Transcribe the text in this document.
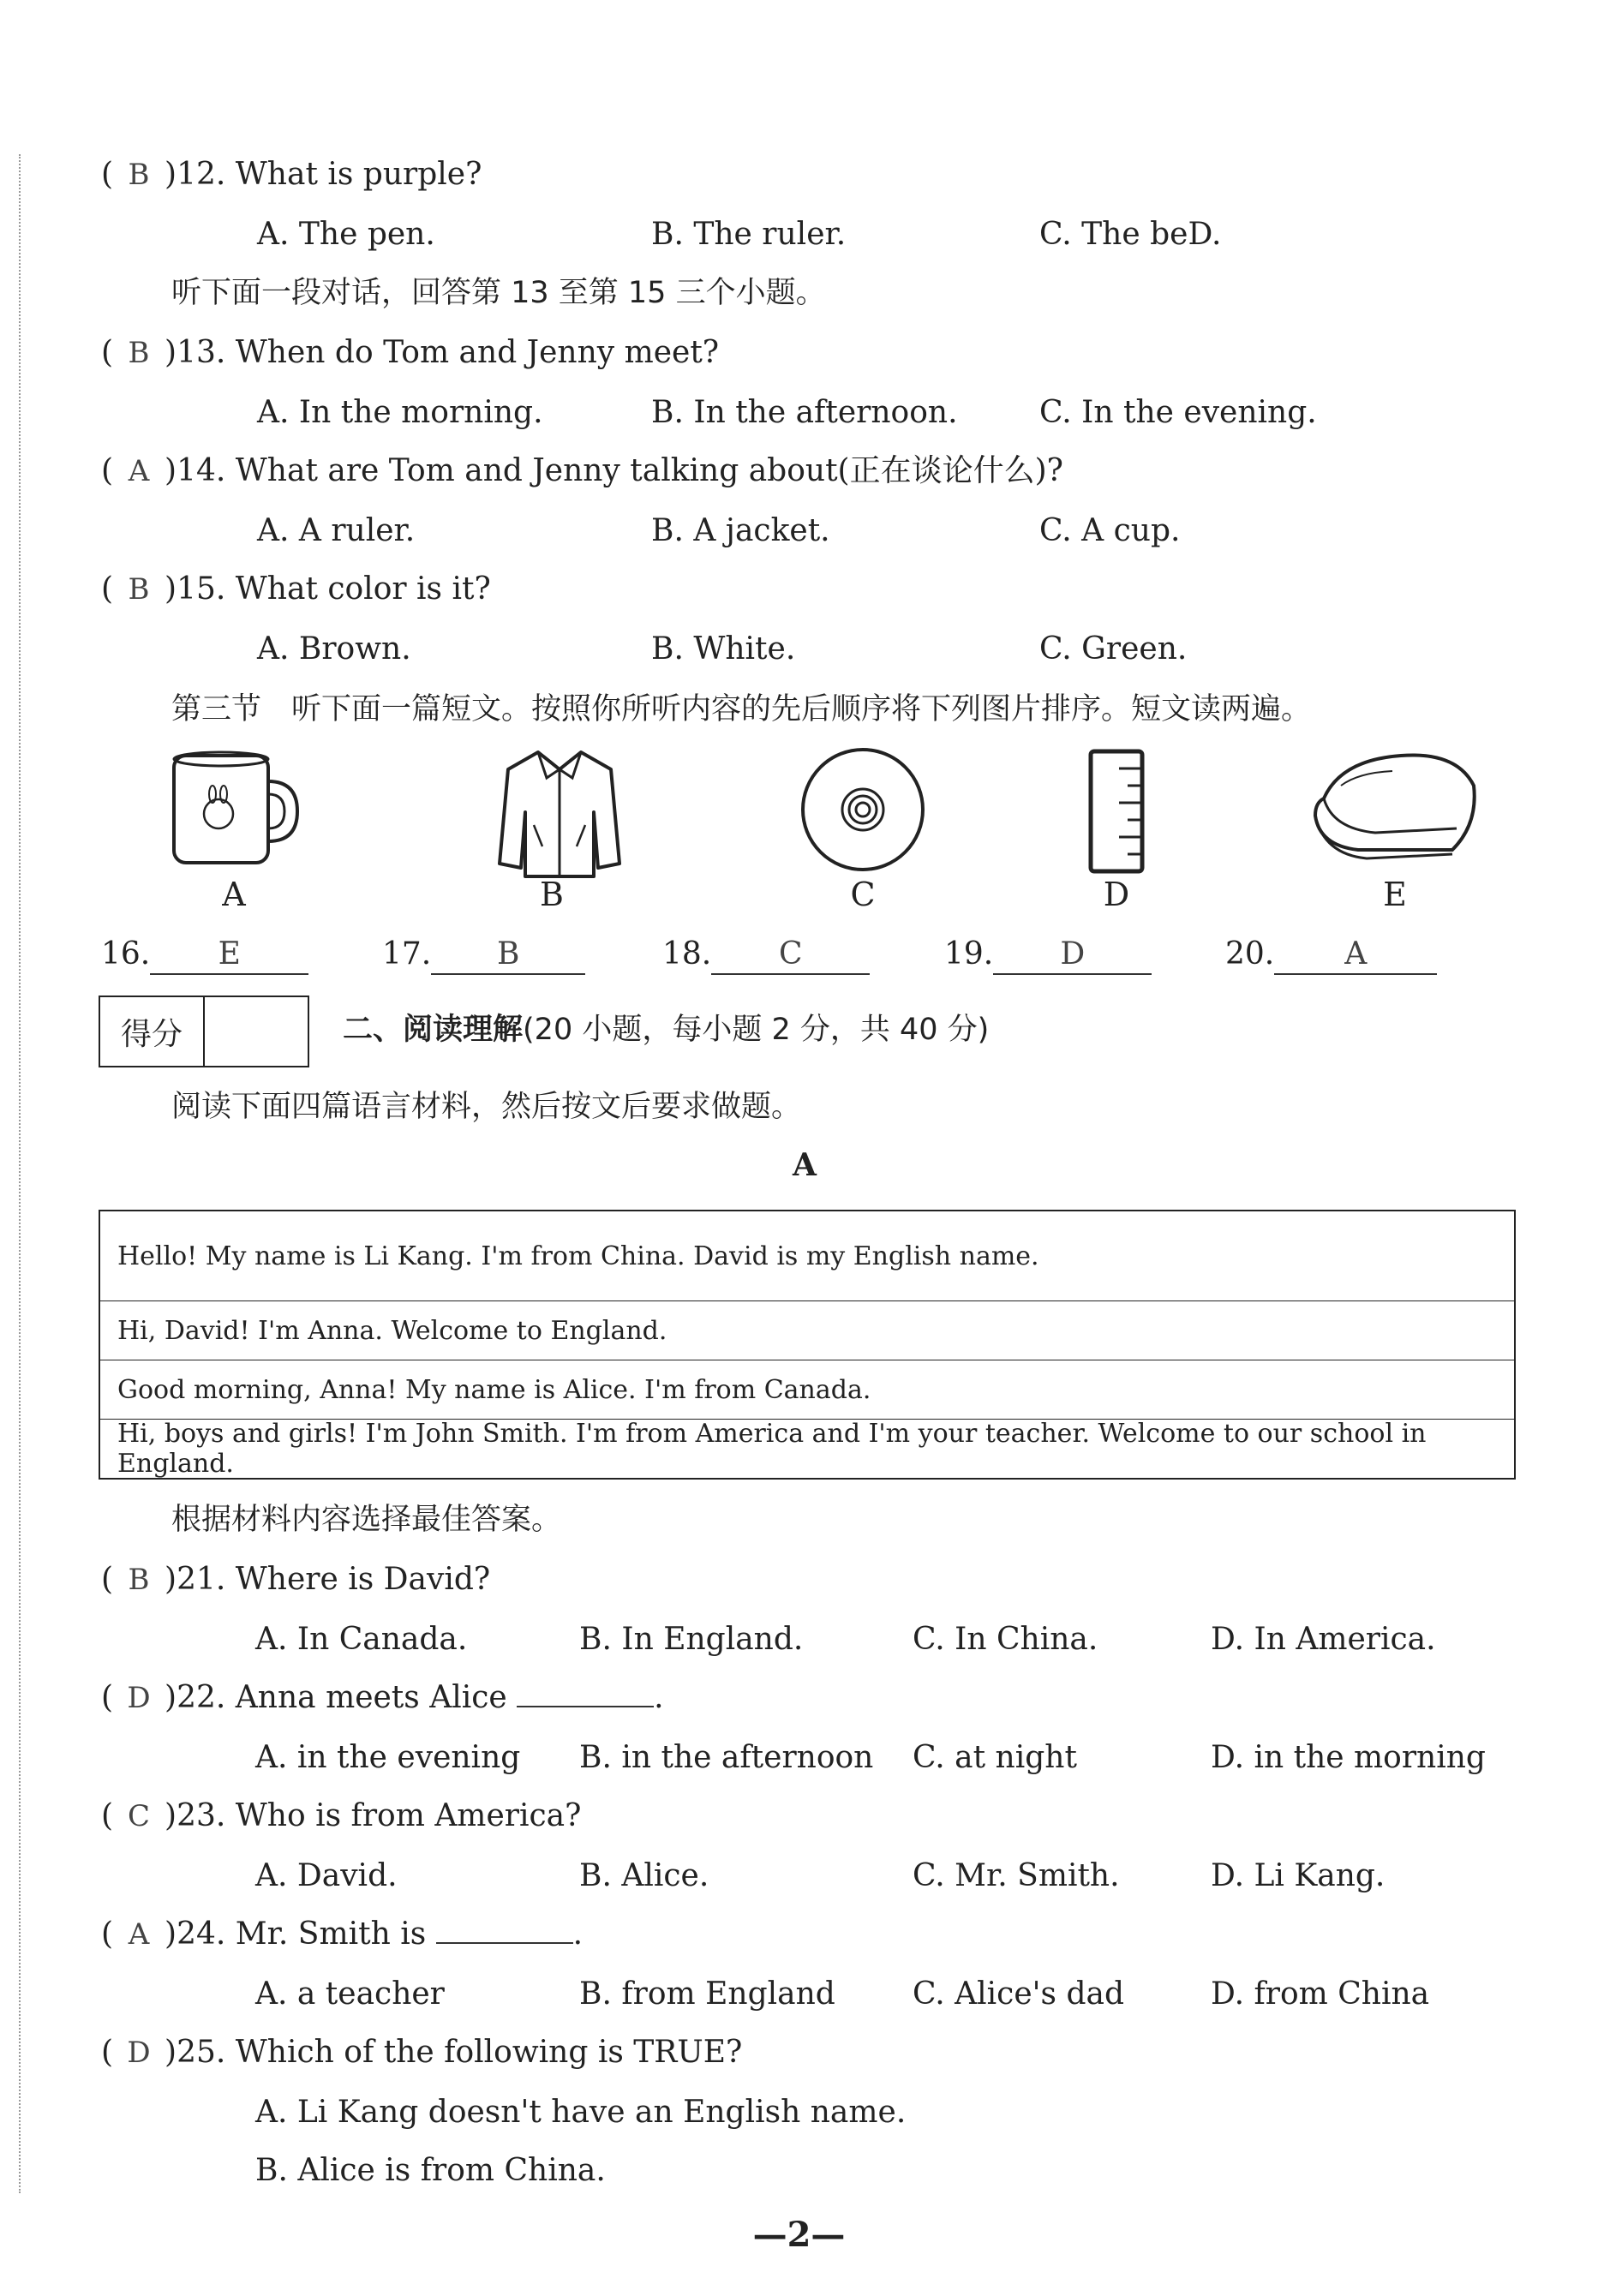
( B )12. What is purple?
A. The pen.	B. The ruler.	C. The beD.
听下面一段对话，回答第 13 至第 15 三个小题。
( B )13. When do Tom and Jenny meet?
A. In the morning.	B. In the afternoon.	C. In the evening.
( A )14. What are Tom and Jenny talking about(正在谈论什么)?
A. A ruler.	B. A jacket.	C. A cup.
( B )15. What color is it?
A. Brown.	B. White.	C. Green.
第三节　听下面一篇短文。按照你所听内容的先后顺序将下列图片排序。短文读两遍。
A	B	C	D	E
16. E	17. B	18. C	19. D	20. A
得分	二、阅读理解(20 小题，每小题 2 分，共 40 分)
阅读下面四篇语言材料，然后按文后要求做题。
A
Hello! My name is Li Kang. I'm from China. David is my English name.
Hi, David! I'm Anna. Welcome to England.
Good morning, Anna! My name is Alice. I'm from Canada.
Hi, boys and girls! I'm John Smith. I'm from America and I'm your teacher. Welcome to our school in England.
根据材料内容选择最佳答案。
( B )21. Where is David?
A. In Canada.	B. In England.	C. In China.	D. In America.
( D )22. Anna meets Alice	.
A. in the evening B. in the afternoon C. at night	D. in the morning
( C )23. Who is from America?
A. David.	B. Alice.	C. Mr. Smith.	D. Li Kang.
( A )24. Mr. Smith is	.
A. a teacher	B. from England	C. Alice's dad	D. from China
( D )25. Which of the following is TRUE?
A. Li Kang doesn't have an English name.
B. Alice is from China.
—2—
